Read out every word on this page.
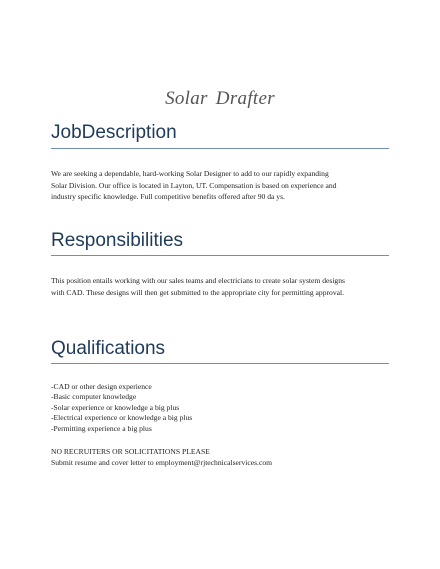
Solar Drafter
JobDescription
We are seeking a dependable, hard-working Solar Designer to add to our rapidly expanding
Solar Division. Our office is located in Layton, UT. Compensation is based on experience and
industry specific knowledge. Full competitive benefits offered after 90 da ys.
Responsibilities
This position entails working with our sales teams and electricians to create solar system designs
with CAD. These designs will then get submitted to the appropriate city for permitting approval.
Qualifications
-CAD or other design experience
-Basic computer knowledge
-Solar experience or knowledge a big plus
-Electrical experience or knowledge a big plus
-Permitting experience a big plus
NO RECRUITERS OR SOLICITATIONS PLEASE
Submit resume and cover letter to employment@rjtechnicalservices.com
